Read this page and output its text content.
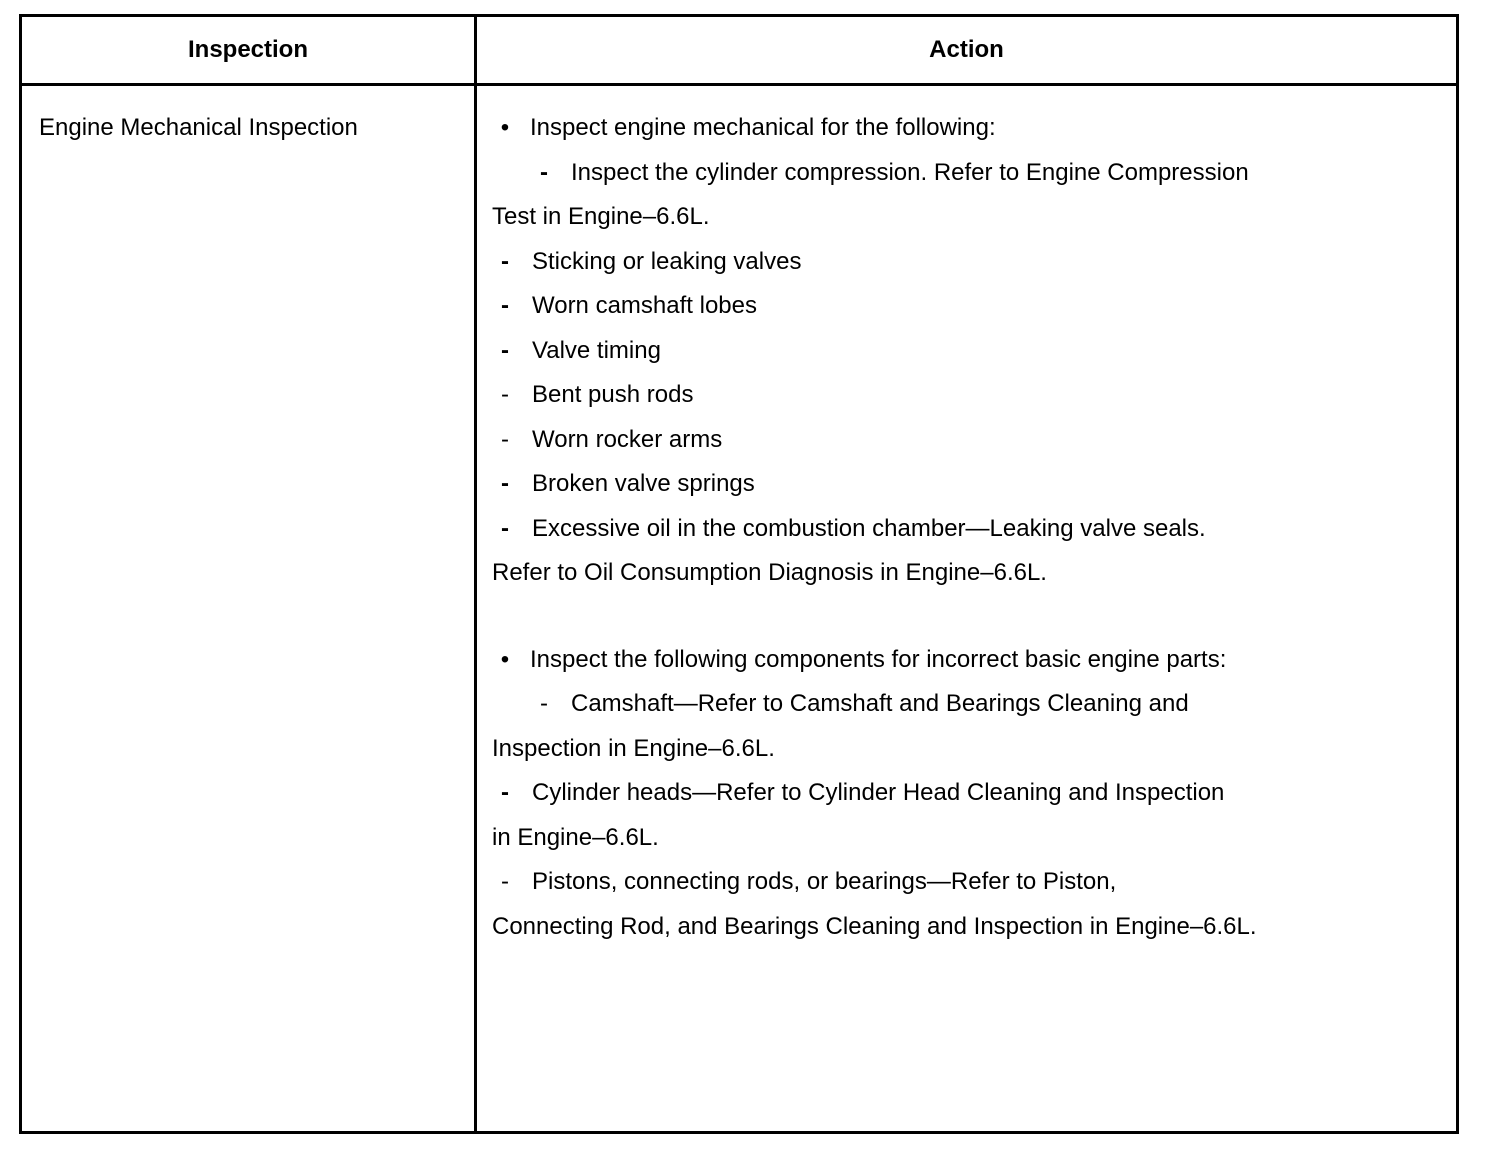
Inspection	Action
Engine Mechanical Inspection	• Inspect engine mechanical for the following:
- Inspect the cylinder compression. Refer to Engine Compression
Test in Engine–6.6L.
- Sticking or leaking valves
- Worn camshaft lobes
- Valve timing
- Bent push rods
- Worn rocker arms
- Broken valve springs
- Excessive oil in the combustion chamber—Leaking valve seals.
Refer to Oil Consumption Diagnosis in Engine–6.6L.
• Inspect the following components for incorrect basic engine parts:
- Camshaft—Refer to Camshaft and Bearings Cleaning and
Inspection in Engine–6.6L.
- Cylinder heads—Refer to Cylinder Head Cleaning and Inspection
in Engine–6.6L.
- Pistons, connecting rods, or bearings—Refer to Piston,
Connecting Rod, and Bearings Cleaning and Inspection in Engine–6.6L.
